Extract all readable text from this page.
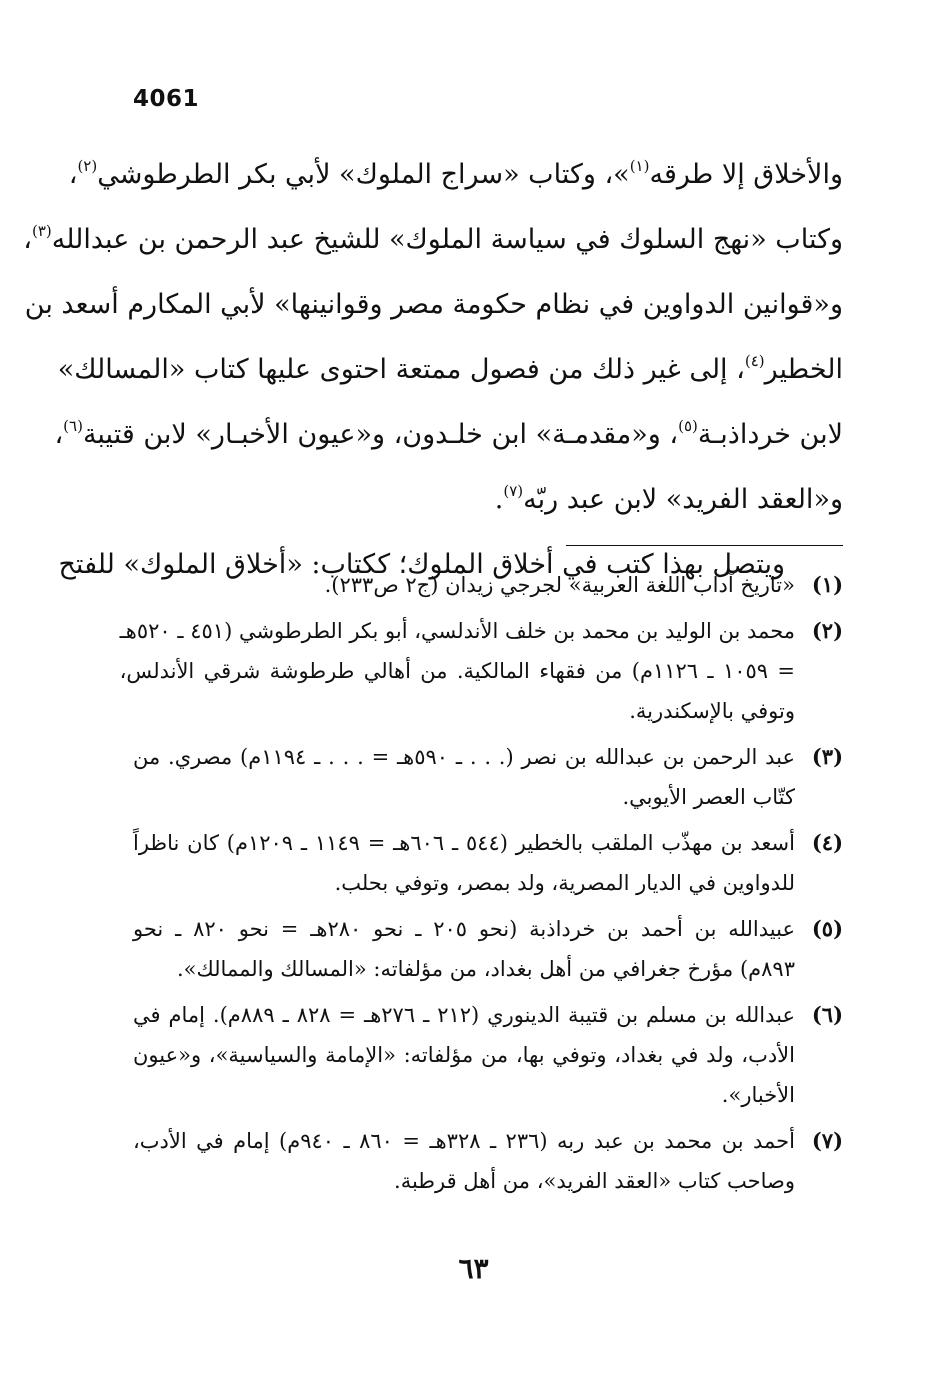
4061
والأخلاق إلا طرقه$^{(١)}$»، وكتاب «سراج الملوك» لأبي بكر الطرطوشي$^{(٢)}$،
وكتاب «نهج السلوك في سياسة الملوك» للشيخ عبد الرحمن بن عبدالله$^{(٣)}$،
و«قوانين الدواوين في نظام حكومة مصر وقوانينها» لأبي المكارم أسعد بن
الخطير$^{(٤)}$، إلى غير ذلك من فصول ممتعة احتوى عليها كتاب «المسالك»
لابن خرداذبـة$^{(٥)}$، و«مقدمـة» ابن خلـدون، و«عيون الأخبـار» لابن قتيبة$^{(٦)}$،
و«العقد الفريد» لابن عبد ربّه$^{(٧)}$.
ويتصل بهذا كتب في أخلاق الملوك؛ ككتاب: «أخلاق الملوك» للفتح
(١)
«تاريخ آداب اللغة العربية» لجرجي زيدان (ج٢ ص٢٣٣).
(٢)
محمد بن الوليد بن محمد بن خلف الأندلسي، أبو بكر الطرطوشي (٤٥١ ـ ٥٢٠هـ
= ١٠٥٩ ـ ١١٢٦م) من فقهاء المالكية. من أهالي طرطوشة شرقي الأندلس،
وتوفي بالإسكندرية.
(٣)
عبد الرحمن بن عبدالله بن نصر (. . . ـ ٥٩٠هـ = . . . ـ ١١٩٤م) مصري. من
كتّاب العصر الأيوبي.
(٤)
أسعد بن مهذّب الملقب بالخطير (٥٤٤ ـ ٦٠٦هـ = ١١٤٩ ـ ١٢٠٩م) كان ناظراً
للدواوين في الديار المصرية، ولد بمصر، وتوفي بحلب.
(٥)
عبيدالله بن أحمد بن خرداذبة (نحو ٢٠٥ ـ نحو ٢٨٠هـ = نحو ٨٢٠ ـ نحو
٨٩٣م) مؤرخ جغرافي من أهل بغداد، من مؤلفاته: «المسالك والممالك».
(٦)
عبدالله بن مسلم بن قتيبة الدينوري (٢١٢ ـ ٢٧٦هـ = ٨٢٨ ـ ٨٨٩م). إمام في
الأدب، ولد في بغداد، وتوفي بها، من مؤلفاته: «الإمامة والسياسية»، و«عيون
الأخبار».
(٧)
أحمد بن محمد بن عبد ربه (٢٣٦ ـ ٣٢٨هـ = ٨٦٠ ـ ٩٤٠م) إمام في الأدب،
وصاحب كتاب «العقد الفريد»، من أهل قرطبة.
٦٣
